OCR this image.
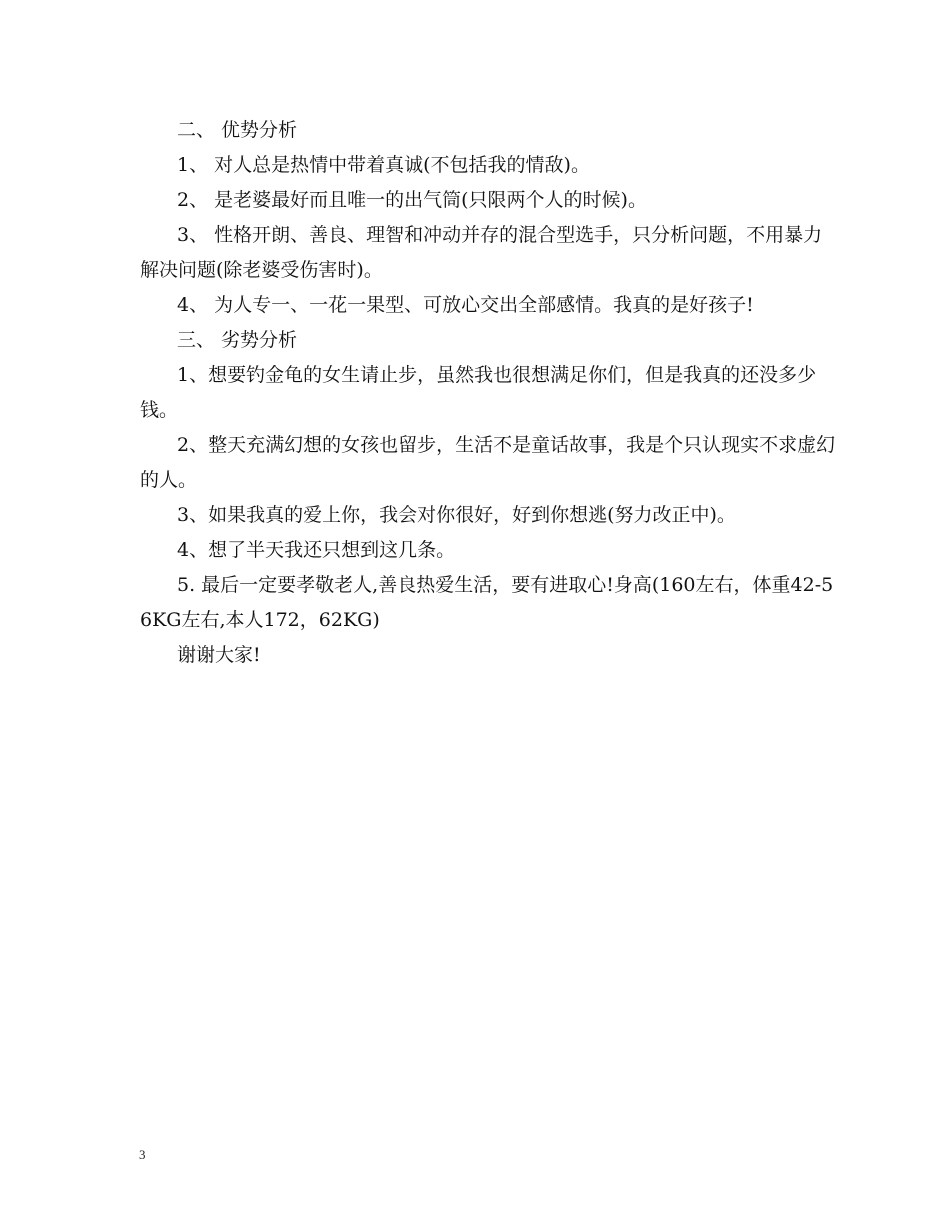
二、 优势分析

1、 对人总是热情中带着真诚(不包括我的情敌)。

2、 是老婆最好而且唯一的出气筒(只限两个人的时候)。

3、 性格开朗、善良、理智和冲动并存的混合型选手，只分析问题，不用暴力解决问题(除老婆受伤害时)。

4、 为人专一、一花一果型、可放心交出全部感情。我真的是好孩子!

三、 劣势分析

1、想要钓金龟的女生请止步，虽然我也很想满足你们，但是我真的还没多少钱。

2、整天充满幻想的女孩也留步，生活不是童话故事，我是个只认现实不求虚幻的人。

3、如果我真的爱上你，我会对你很好，好到你想逃(努力改正中)。

4、想了半天我还只想到这几条。

5. 最后一定要孝敬老人,善良热爱生活，要有进取心!身高(160左右，体重42-56KG左右,本人172，62KG)

谢谢大家!

3
